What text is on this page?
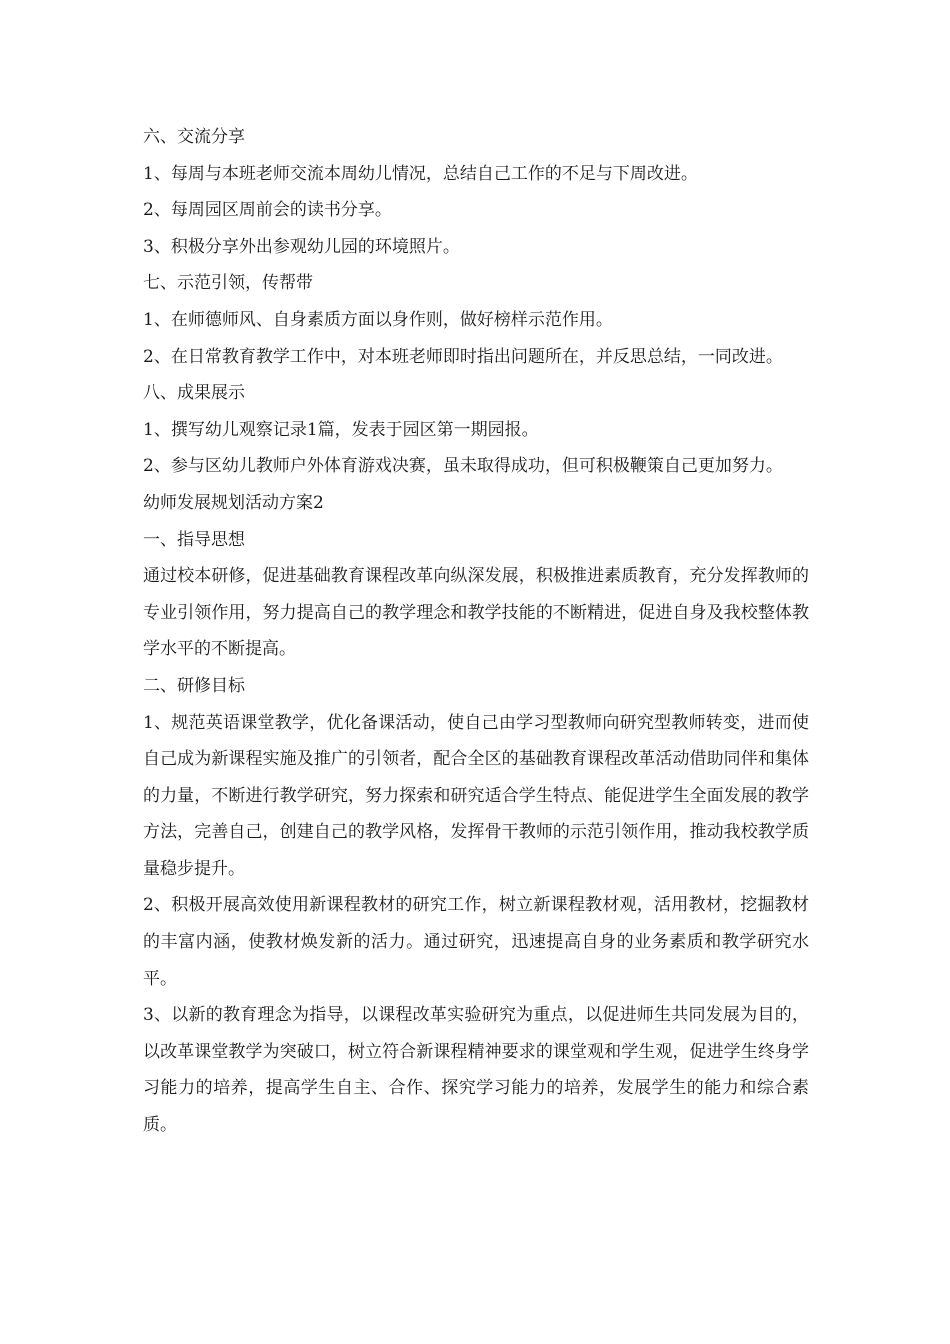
六、交流分享

1、每周与本班老师交流本周幼儿情况，总结自己工作的不足与下周改进。

2、每周园区周前会的读书分享。

3、积极分享外出参观幼儿园的环境照片。

七、示范引领，传帮带

1、在师德师风、自身素质方面以身作则，做好榜样示范作用。

2、在日常教育教学工作中，对本班老师即时指出问题所在，并反思总结，一同改进。

八、成果展示

1、撰写幼儿观察记录1篇，发表于园区第一期园报。

2、参与区幼儿教师户外体育游戏决赛，虽未取得成功，但可积极鞭策自己更加努力。

幼师发展规划活动方案2

一、指导思想

通过校本研修，促进基础教育课程改革向纵深发展，积极推进素质教育，充分发挥教师的专业引领作用，努力提高自己的教学理念和教学技能的不断精进，促进自身及我校整体教学水平的不断提高。

二、研修目标

1、规范英语课堂教学，优化备课活动，使自己由学习型教师向研究型教师转变，进而使自己成为新课程实施及推广的引领者，配合全区的基础教育课程改革活动借助同伴和集体的力量，不断进行教学研究，努力探索和研究适合学生特点、能促进学生全面发展的教学方法，完善自己，创建自己的教学风格，发挥骨干教师的示范引领作用，推动我校教学质量稳步提升。

2、积极开展高效使用新课程教材的研究工作，树立新课程教材观，活用教材，挖掘教材的丰富内涵，使教材焕发新的活力。通过研究，迅速提高自身的业务素质和教学研究水平。

3、以新的教育理念为指导，以课程改革实验研究为重点，以促进师生共同发展为目的，以改革课堂教学为突破口，树立符合新课程精神要求的课堂观和学生观，促进学生终身学习能力的培养，提高学生自主、合作、探究学习能力的培养，发展学生的能力和综合素质。
